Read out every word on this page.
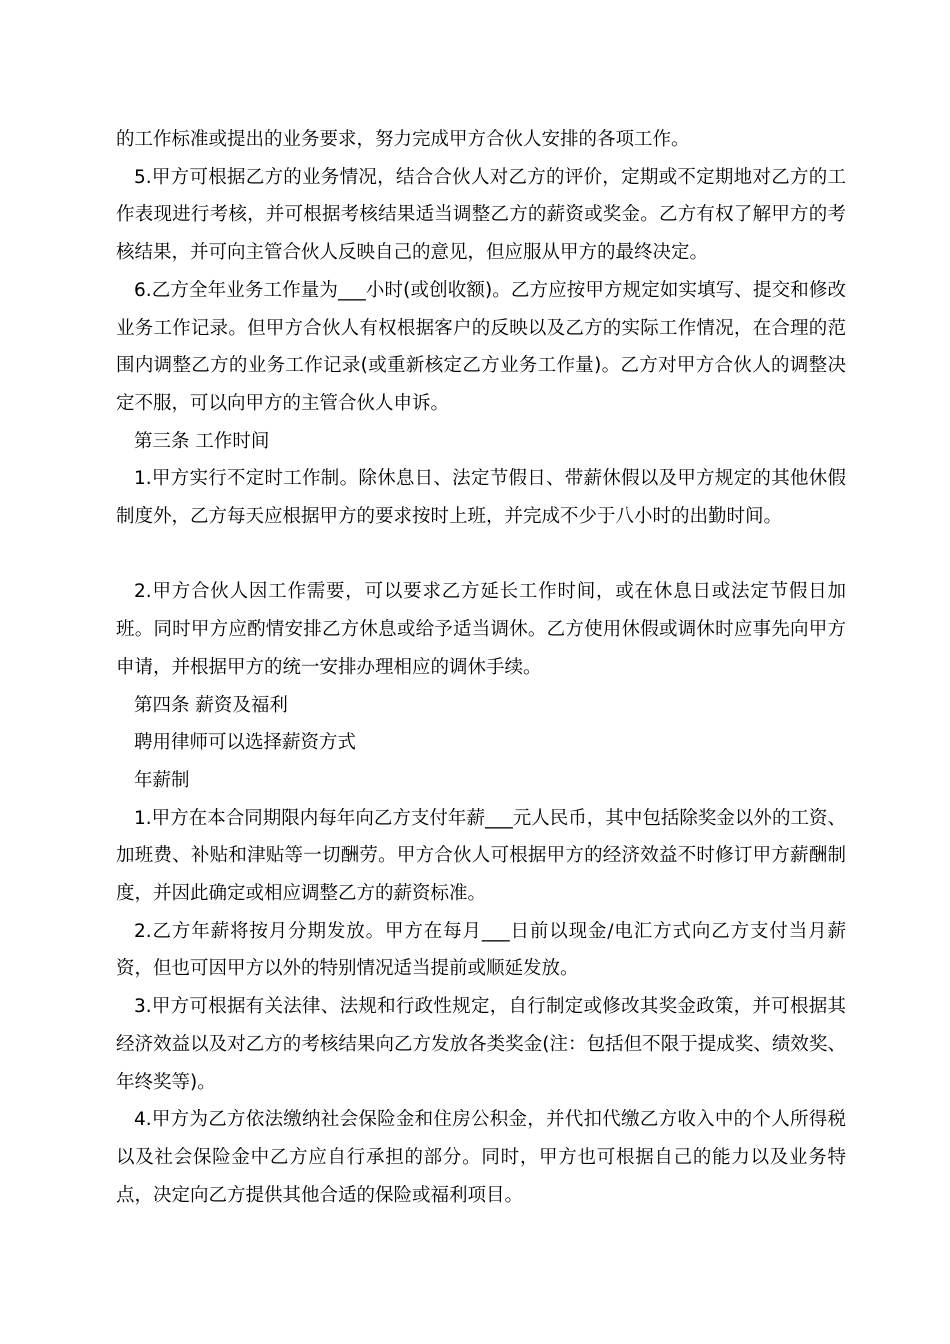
的工作标准或提出的业务要求，努力完成甲方合伙人安排的各项工作。

5.甲方可根据乙方的业务情况，结合合伙人对乙方的评价，定期或不定期地对乙方的工作表现进行考核，并可根据考核结果适当调整乙方的薪资或奖金。乙方有权了解甲方的考核结果，并可向主管合伙人反映自己的意见，但应服从甲方的最终决定。

6.乙方全年业务工作量为___小时(或创收额)。乙方应按甲方规定如实填写、提交和修改业务工作记录。但甲方合伙人有权根据客户的反映以及乙方的实际工作情况，在合理的范围内调整乙方的业务工作记录(或重新核定乙方业务工作量)。乙方对甲方合伙人的调整决定不服，可以向甲方的主管合伙人申诉。

第三条 工作时间

1.甲方实行不定时工作制。除休息日、法定节假日、带薪休假以及甲方规定的其他休假制度外，乙方每天应根据甲方的要求按时上班，并完成不少于八小时的出勤时间。

2.甲方合伙人因工作需要，可以要求乙方延长工作时间，或在休息日或法定节假日加班。同时甲方应酌情安排乙方休息或给予适当调休。乙方使用休假或调休时应事先向甲方申请，并根据甲方的统一安排办理相应的调休手续。

第四条 薪资及福利

聘用律师可以选择薪资方式

年薪制

1.甲方在本合同期限内每年向乙方支付年薪___元人民币，其中包括除奖金以外的工资、加班费、补贴和津贴等一切酬劳。甲方合伙人可根据甲方的经济效益不时修订甲方薪酬制度，并因此确定或相应调整乙方的薪资标准。

2.乙方年薪将按月分期发放。甲方在每月___日前以现金/电汇方式向乙方支付当月薪资，但也可因甲方以外的特别情况适当提前或顺延发放。

3.甲方可根据有关法律、法规和行政性规定，自行制定或修改其奖金政策，并可根据其经济效益以及对乙方的考核结果向乙方发放各类奖金(注：包括但不限于提成奖、绩效奖、年终奖等)。

4.甲方为乙方依法缴纳社会保险金和住房公积金，并代扣代缴乙方收入中的个人所得税以及社会保险金中乙方应自行承担的部分。同时，甲方也可根据自己的能力以及业务特点，决定向乙方提供其他合适的保险或福利项目。
